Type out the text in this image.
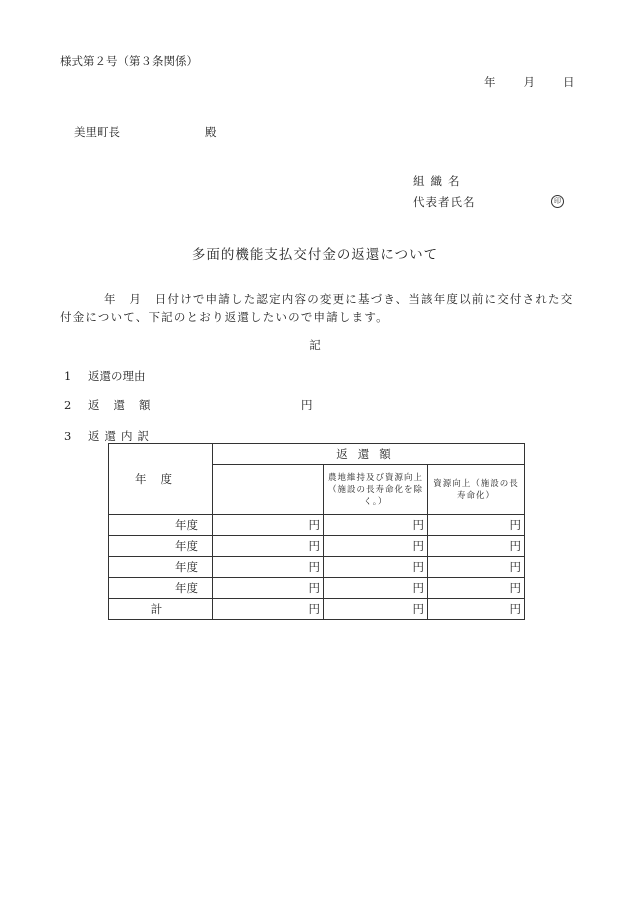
様式第２号（第３条関係）
年 月 日
美里町長	殿
組織名
代表者氏名	印
多面的機能支払交付金の返還について
年　月　日付けで申請した認定内容の変更に基づき、当該年度以前に交付された交付金について、下記のとおり返還したいので申請します。
記
1 返還の理由
2 返還額	円
3 返還内訳
年度	返還額		
		農地維持及び資源向上（施設の長寿命化を除く。）	資源向上（施設の長寿命化）
年度	円	円	円
年度	円	円	円
年度	円	円	円
年度	円	円	円
計	円	円	円
